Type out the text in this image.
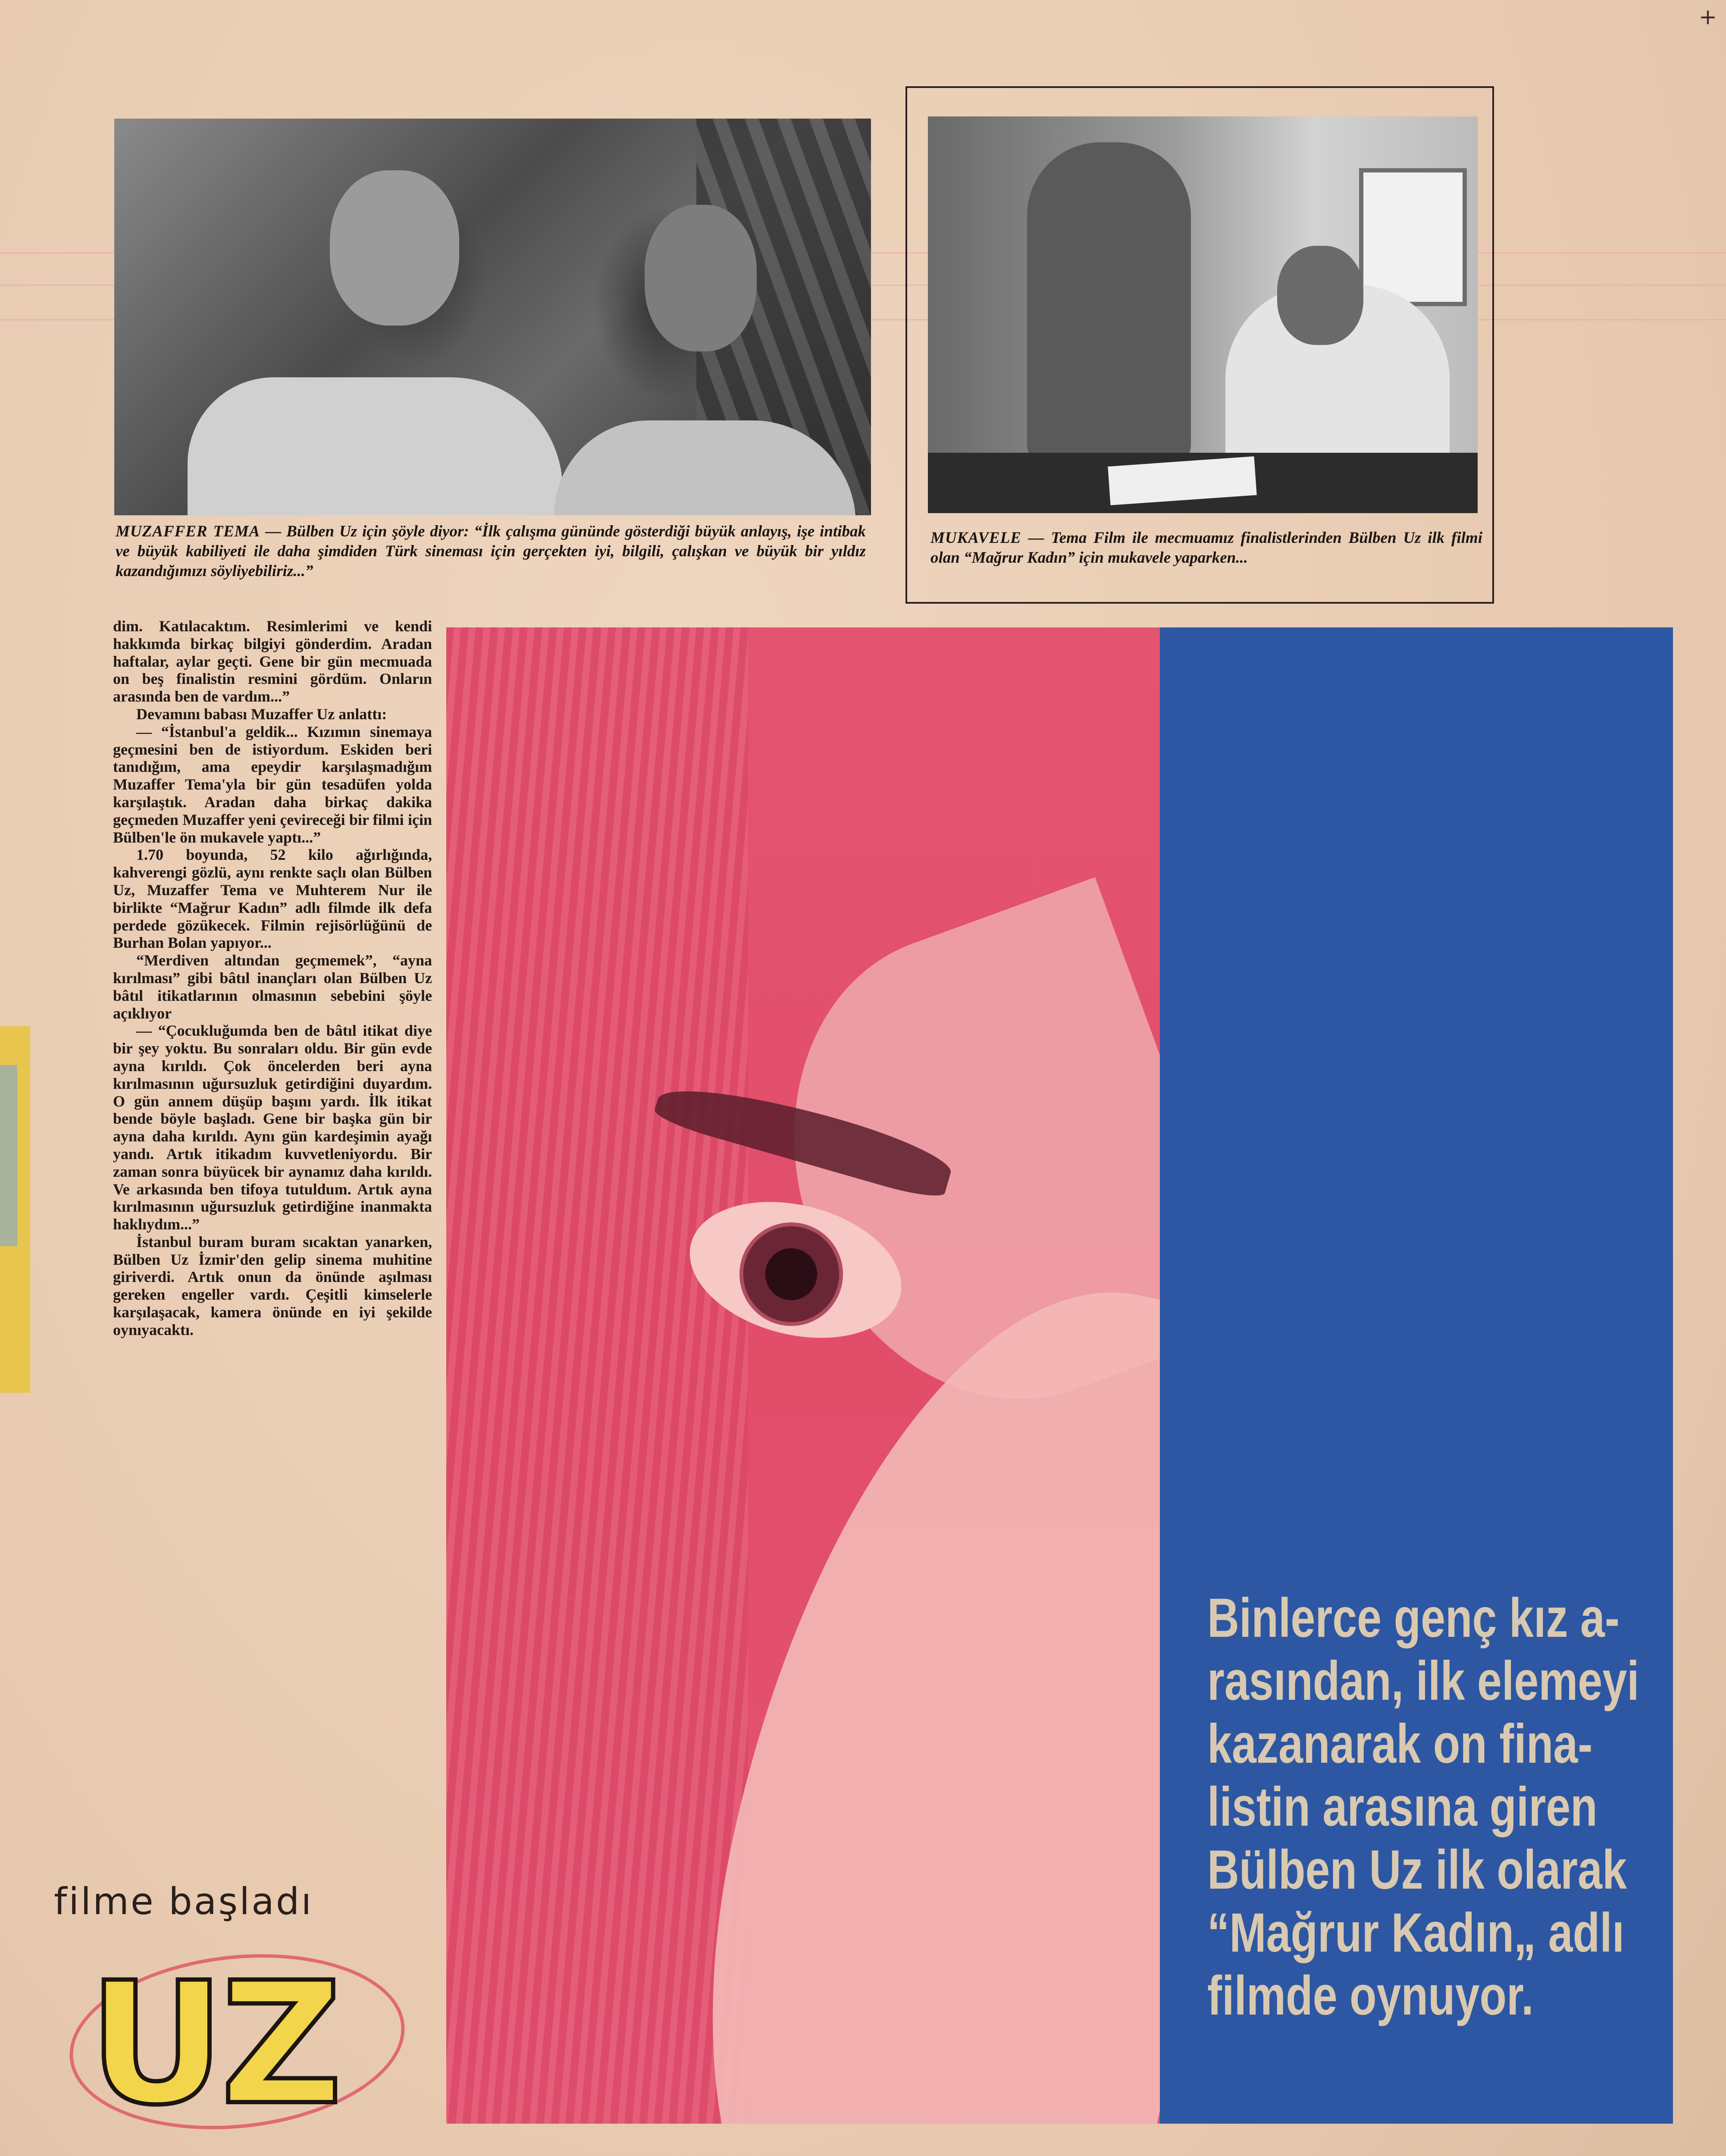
MUZAFFER TEMA — Bülben Uz için şöyle diyor: “İlk çalışma gününde gösterdiği büyük anlayış, işe intibak ve büyük kabiliyeti ile daha şimdiden Türk sineması için gerçekten iyi, bilgili, çalışkan ve büyük bir yıldız kazandığımızı söyliyebiliriz...”
MUKAVELE — Tema Film ile mecmuamız finalistlerinden Bülben Uz ilk filmi olan “Mağrur Kadın” için mukavele yaparken...
Binlerce genç kız a-
rasından, ilk elemeyi
kazanarak on fina-
listin arasına giren
Bülben Uz ilk olarak
“Mağrur Kadın„ adlı
filmde oynuyor.

dim. Katılacaktım. Resimlerimi ve kendi hakkımda birkaç bilgiyi gönderdim. Aradan haftalar, aylar geçti. Gene bir gün mecmuada on beş finalistin resmini gördüm. Onların arasında ben de vardım...”

Devamını babası Muzaffer Uz anlattı:

— “İstanbul'a geldik... Kızımın sinemaya geçmesini ben de istiyordum. Eskiden beri tanıdığım, ama epeydir karşılaşmadığım Muzaffer Tema'yla bir gün tesadüfen yolda karşılaştık. Aradan daha birkaç dakika geçmeden Muzaffer yeni çevireceği bir filmi için Bülben'le ön mukavele yaptı...”

1.70 boyunda, 52 kilo ağırlığında, kahverengi gözlü, aynı renkte saçlı olan Bülben Uz, Muzaffer Tema ve Muhterem Nur ile birlikte “Mağrur Kadın” adlı filmde ilk defa perdede gözükecek. Filmin rejisörlüğünü de Burhan Bolan yapıyor...

“Merdiven altından geçmemek”, “ayna kırılması” gibi bâtıl inançları olan Bülben Uz bâtıl itikatlarının olmasının sebebini şöyle açıklıyor

— “Çocukluğumda ben de bâtıl itikat diye bir şey yoktu. Bu sonraları oldu. Bir gün evde ayna kırıldı. Çok öncelerden beri ayna kırılmasının uğursuzluk getirdiğini duyardım. O gün annem düşüp başını yardı. İlk itikat bende böyle başladı. Gene bir başka gün bir ayna daha kırıldı. Aynı gün kardeşimin ayağı yandı. Artık itikadım kuvvetleniyordu. Bir zaman sonra büyücek bir aynamız daha kırıldı. Ve arkasında ben tifoya tutuldum. Artık ayna kırılmasının uğursuzluk getirdiğine inanmakta haklıydım...”

İstanbul buram buram sıcaktan yanarken, Bülben Uz İzmir'den gelip sinema muhitine giriverdi. Artık onun da önünde aşılması gereken engeller vardı. Çeşitli kimselerle karşılaşacak, kamera önünde en iyi şekilde oynıyacaktı.

filme başladı
UZ
+
